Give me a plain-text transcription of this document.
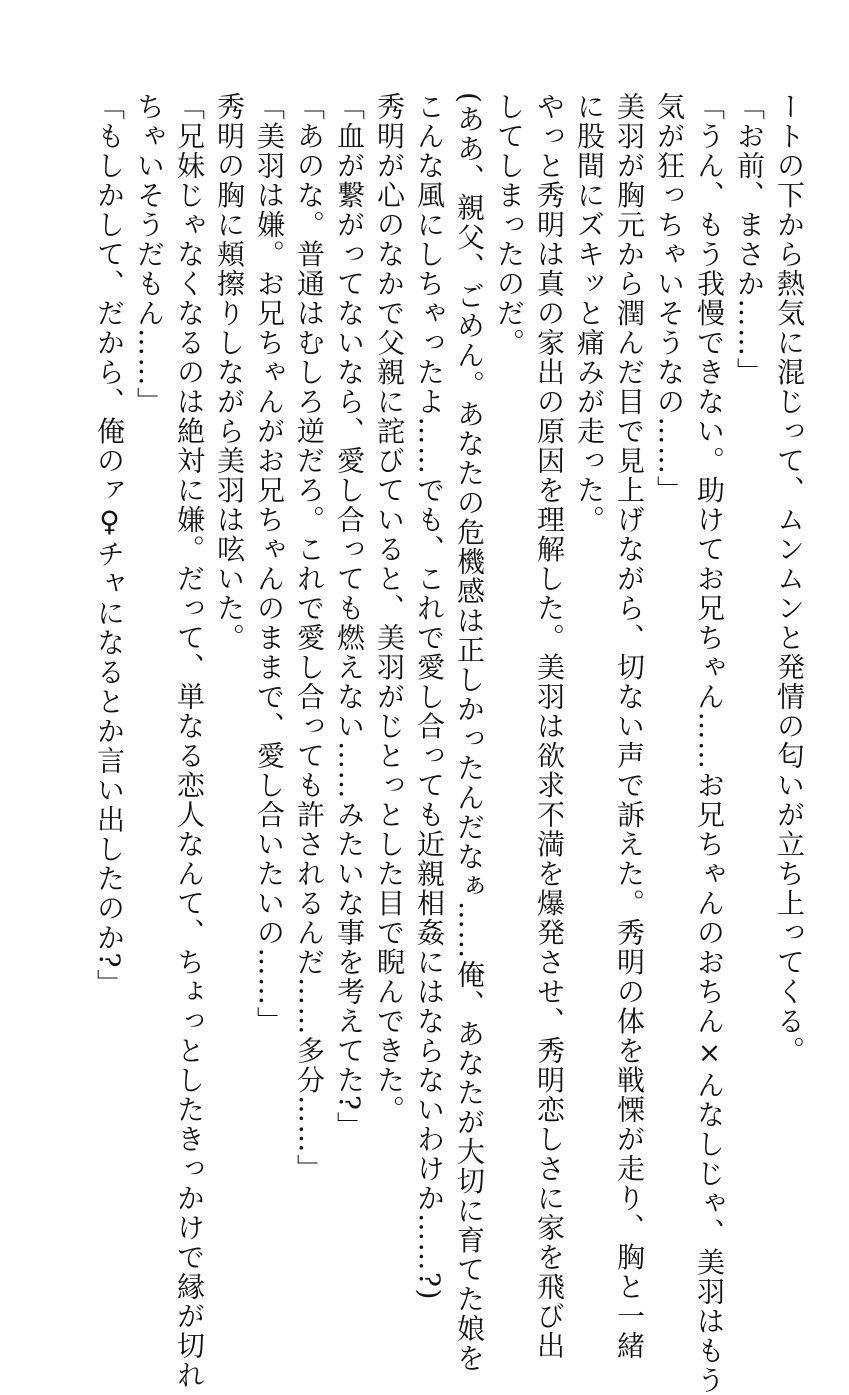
ートの下から熱気に混じって、ムンムンと発情の匂いが立ち上ってくる。
「お前、まさか……」
「うん、もう我慢できない。助けてお兄ちゃん……お兄ちゃんのおちん×んなしじゃ、美羽はもう
気が狂っちゃいそうなの……」
美羽が胸元から潤んだ目で見上げながら、切ない声で訴えた。秀明の体を戦慄が走り、胸と一緒
に股間にズキッと痛みが走った。
やっと秀明は真の家出の原因を理解した。美羽は欲求不満を爆発させ、秀明恋しさに家を飛び出
してしまったのだ。
(ああ、親父、ごめん。あなたの危機感は正しかったんだなぁ……俺、あなたが大切に育てた娘を
こんな風にしちゃったよ……でも、これで愛し合っても近親相姦にはならないわけか……?)
秀明が心のなかで父親に詫びていると、美羽がじとっとした目で睨んできた。
「血が繋がってないなら、愛し合っても燃えない……みたいな事を考えてた?」
「あのな。普通はむしろ逆だろ。これで愛し合っても許されるんだ……多分……」
「美羽は嫌。お兄ちゃんがお兄ちゃんのままで、愛し合いたいの……」
秀明の胸に頬擦りしながら美羽は呟いた。
「兄妹じゃなくなるのは絶対に嫌。だって、単なる恋人なんて、ちょっとしたきっかけで縁が切れ
ちゃいそうだもん……」
「もしかして、だから、俺のァ♀チャになるとか言い出したのか?」
